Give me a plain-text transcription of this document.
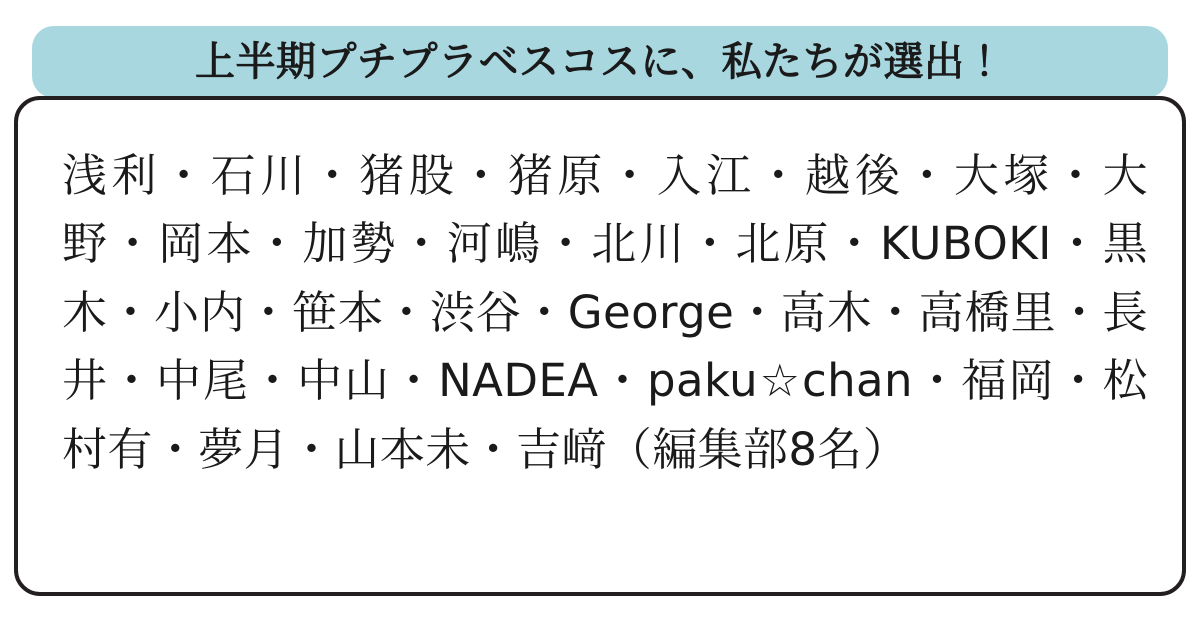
上半期プチプラベスコスに、私たちが選出！
浅利・石川・猪股・猪原・入江・越後・大塚・大野・岡本・加勢・河嶋・北川・北原・KUBOKI・黒木・小内・笹本・渋谷・George・高木・高橋里・長井・中尾・中山・NADEA・paku☆chan・福岡・松村有・夢月・山本未・吉﨑（編集部8名）
